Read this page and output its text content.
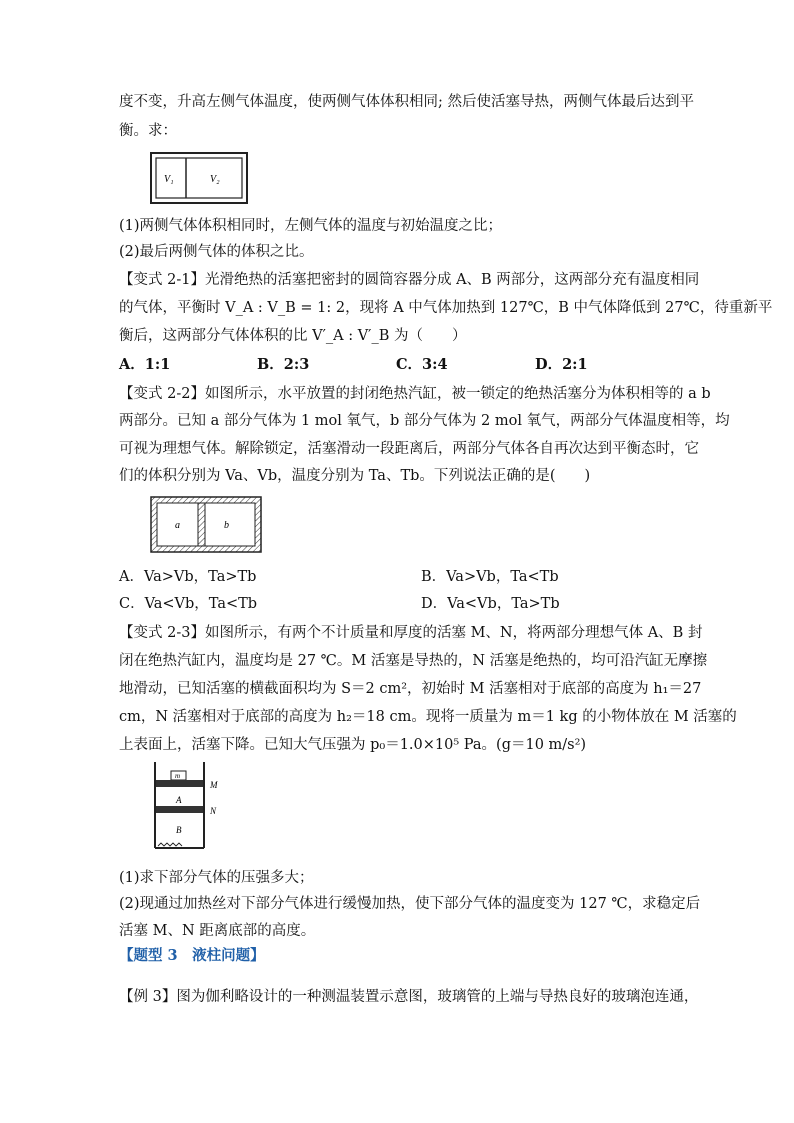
度不变，升高左侧气体温度，使两侧气体体积相同; 然后使活塞导热，两侧气体最后达到平
衡。求：
V₁	V₂
(1)两侧气体体积相同时，左侧气体的温度与初始温度之比；
(2)最后两侧气体的体积之比。
【变式 2-1】光滑绝热的活塞把密封的圆筒容器分成 A、B 两部分，这两部分充有温度相同
的气体，平衡时 V_A : V_B = 1: 2，现将 A 中气体加热到 127℃，B 中气体降低到 27℃，待重新平
衡后，这两部分气体体积的比 V′_A : V′_B 为（　　）
A．1:1	B．2:3	C．3:4	D．2:1
【变式 2-2】如图所示，水平放置的封闭绝热汽缸，被一锁定的绝热活塞分为体积相等的 a b
两部分。已知 a 部分气体为 1 mol 氧气，b 部分气体为 2 mol 氧气，两部分气体温度相等，均
可视为理想气体。解除锁定，活塞滑动一段距离后，两部分气体各自再次达到平衡态时，它
们的体积分别为 Va、Vb，温度分别为 Ta、Tb。下列说法正确的是(　　)
a	b
A．Va>Vb，Ta>Tb	B．Va>Vb，Ta<Tb
C．Va<Vb，Ta<Tb	D．Va<Vb，Ta>Tb
【变式 2-3】如图所示，有两个不计质量和厚度的活塞 M、N，将两部分理想气体 A、B 封
闭在绝热汽缸内，温度均是 27 ℃。M 活塞是导热的，N 活塞是绝热的，均可沿汽缸无摩擦
地滑动，已知活塞的横截面积均为 S＝2 cm²，初始时 M 活塞相对于底部的高度为 h₁＝27
cm，N 活塞相对于底部的高度为 h₂＝18 cm。现将一质量为 m＝1 kg 的小物体放在 M 活塞的
上表面上，活塞下降。已知大气压强为 p₀＝1.0×10⁵ Pa。(g＝10 m/s²)
m
A
B
M
N
(1)求下部分气体的压强多大；
(2)现通过加热丝对下部分气体进行缓慢加热，使下部分气体的温度变为 127 ℃，求稳定后
活塞 M、N 距离底部的高度。
【题型 3　液柱问题】
【例 3】图为伽利略设计的一种测温装置示意图，玻璃管的上端与导热良好的玻璃泡连通，
